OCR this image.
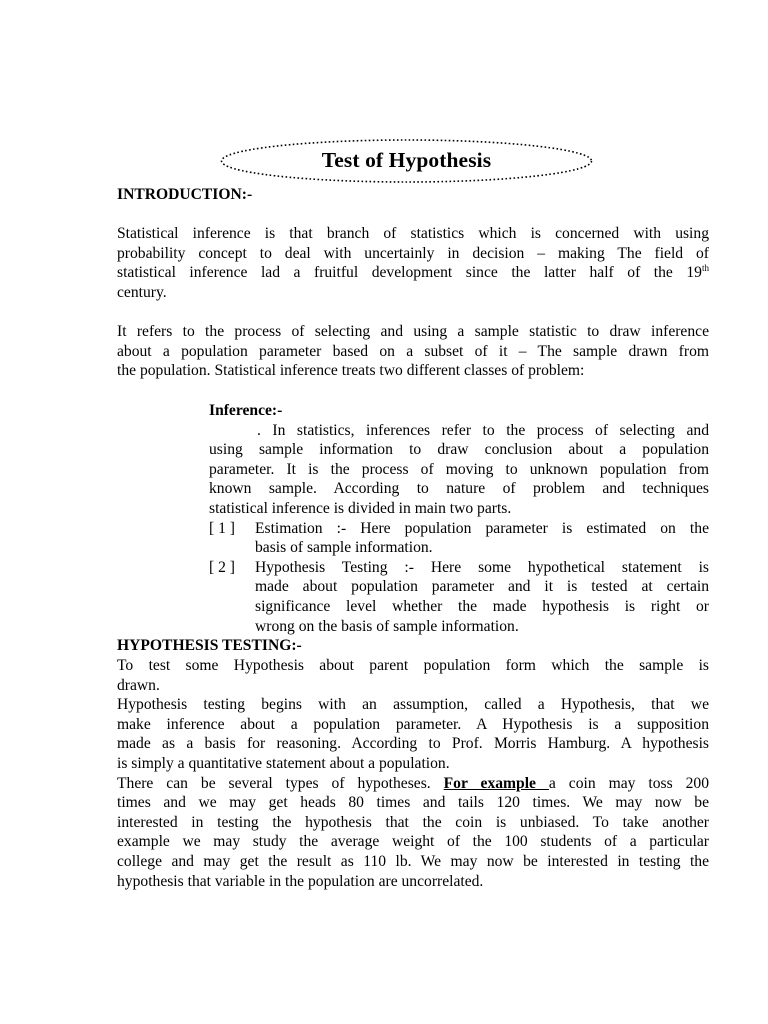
Test of Hypothesis
INTRODUCTION:-

Statistical inference is that branch of statistics which is concerned with using

probability concept to deal with uncertainly in decision – making The field of

statistical inference lad a fruitful development since the latter half of the 19th

century.

It refers to the process of selecting and using a sample statistic to draw inference

about a population parameter based on a subset of it – The sample drawn from

the population. Statistical inference treats two different classes of problem:

Inference:-

. In statistics, inferences refer to the process of selecting and

using sample information to draw conclusion about a population

parameter. It is the process of moving to unknown population from

known sample. According to nature of problem and techniques

statistical inference is divided in main two parts.

[ 1 ]	Estimation :- Here population parameter is estimated on the

basis of sample information.

[ 2 ]	Hypothesis Testing :- Here some hypothetical statement is

made about population parameter and it is tested at certain

significance level whether the made hypothesis is right or

wrong on the basis of sample information.

HYPOTHESIS TESTING:-

To test some Hypothesis about parent population form which the sample is

drawn.

Hypothesis testing begins with an assumption, called a Hypothesis, that we

make inference about a population parameter. A Hypothesis is a supposition

made as a basis for reasoning. According to Prof. Morris Hamburg. A hypothesis

is simply a quantitative statement about a population.

There can be several types of hypotheses. For example a coin may toss 200

times and we may get heads 80 times and tails 120 times. We may now be

interested in testing the hypothesis that the coin is unbiased. To take another

example we may study the average weight of the 100 students of a particular

college and may get the result as 110 lb. We may now be interested in testing the

hypothesis that variable in the population are uncorrelated.
